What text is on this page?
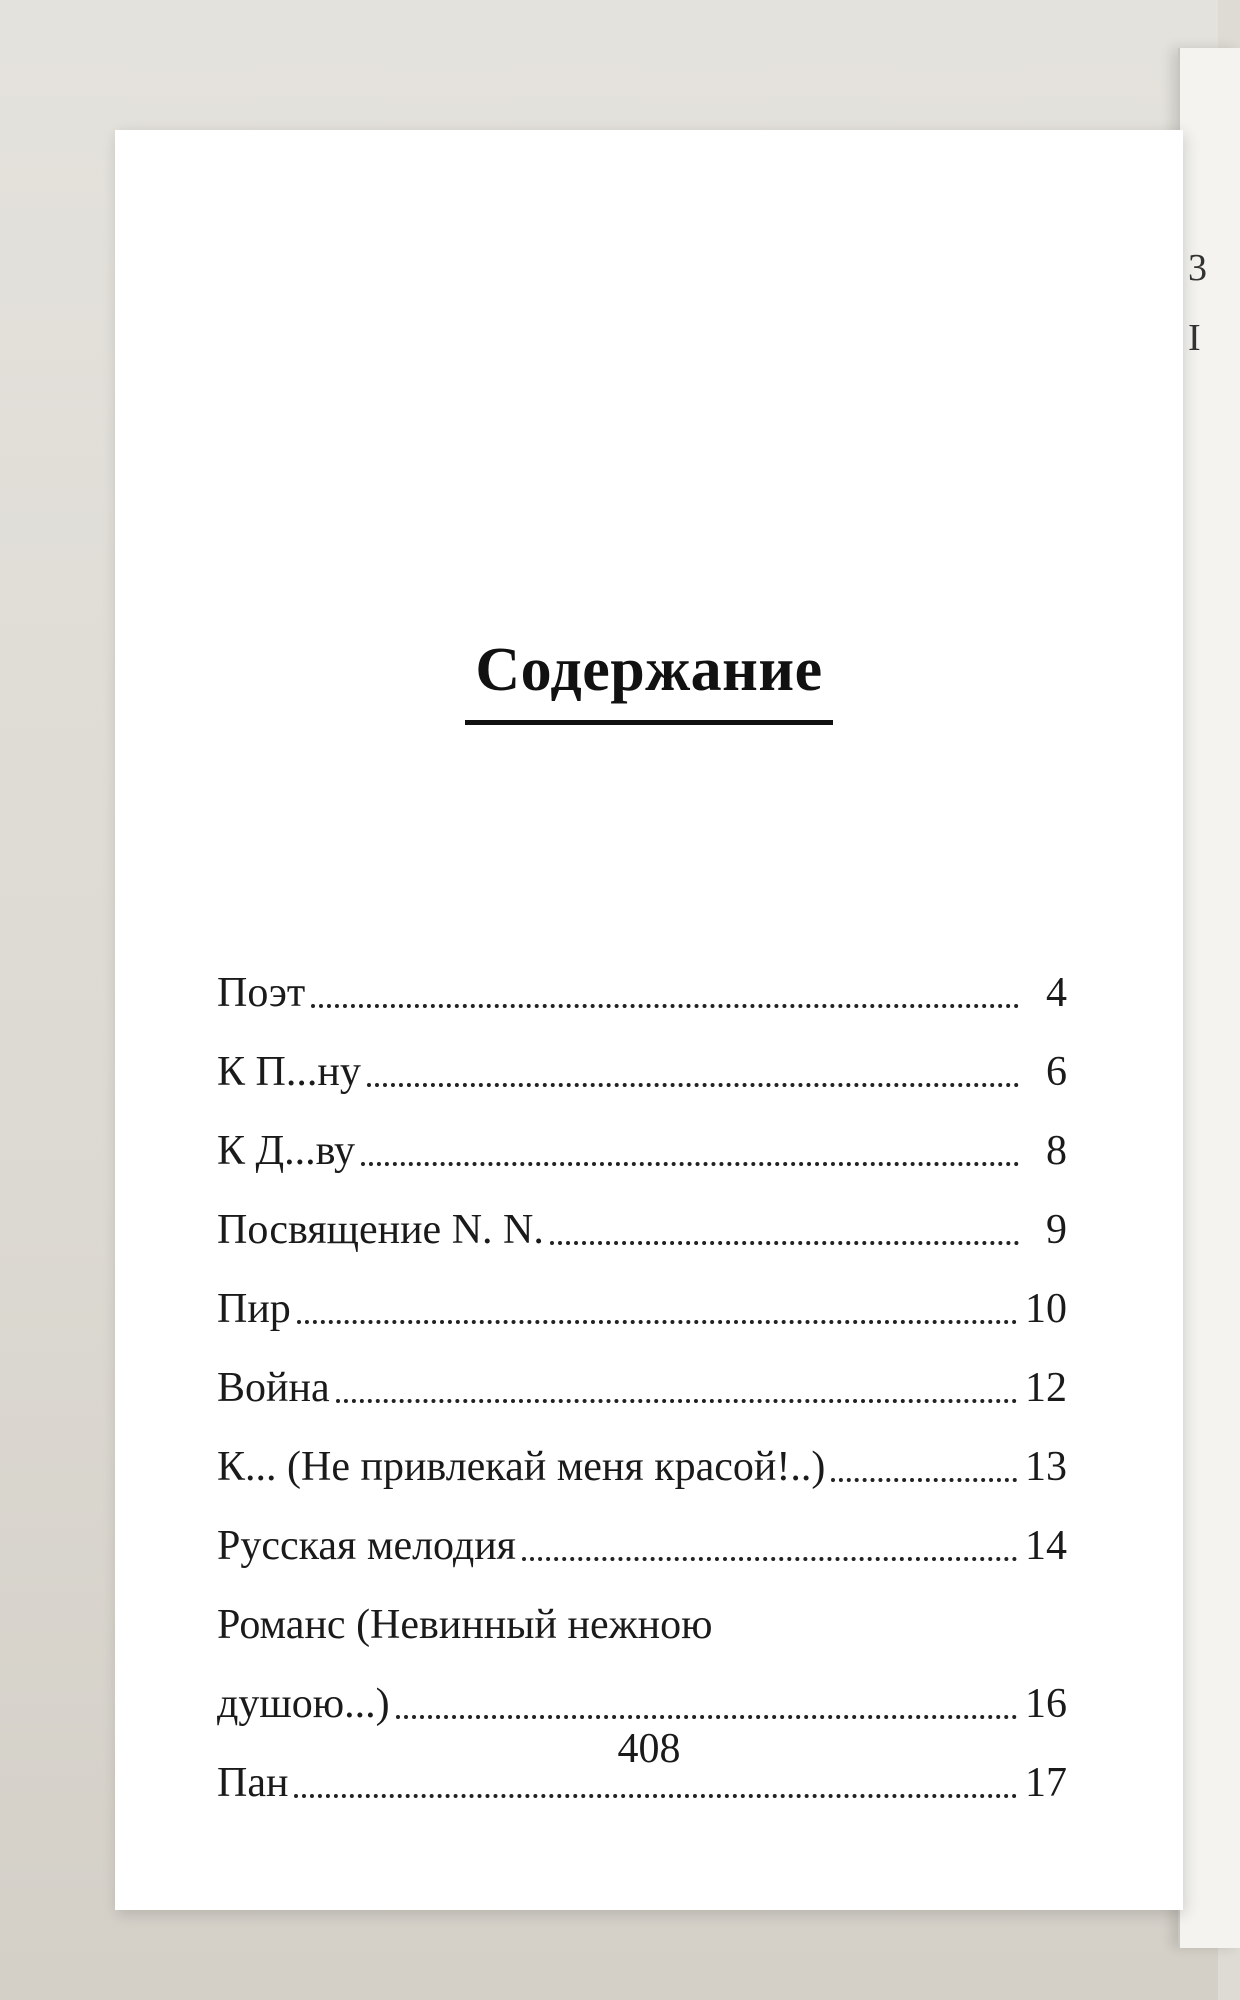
3
I
Содержание
Поэт	4
К П...ну	6
К Д...ву	8
Посвящение N. N.	9
Пир	10
Война	12
К... (Не привлекай меня красой!..)	13
Русская мелодия	14
Романс (Невинный нежною
душою...)	16
Пан	17
408
